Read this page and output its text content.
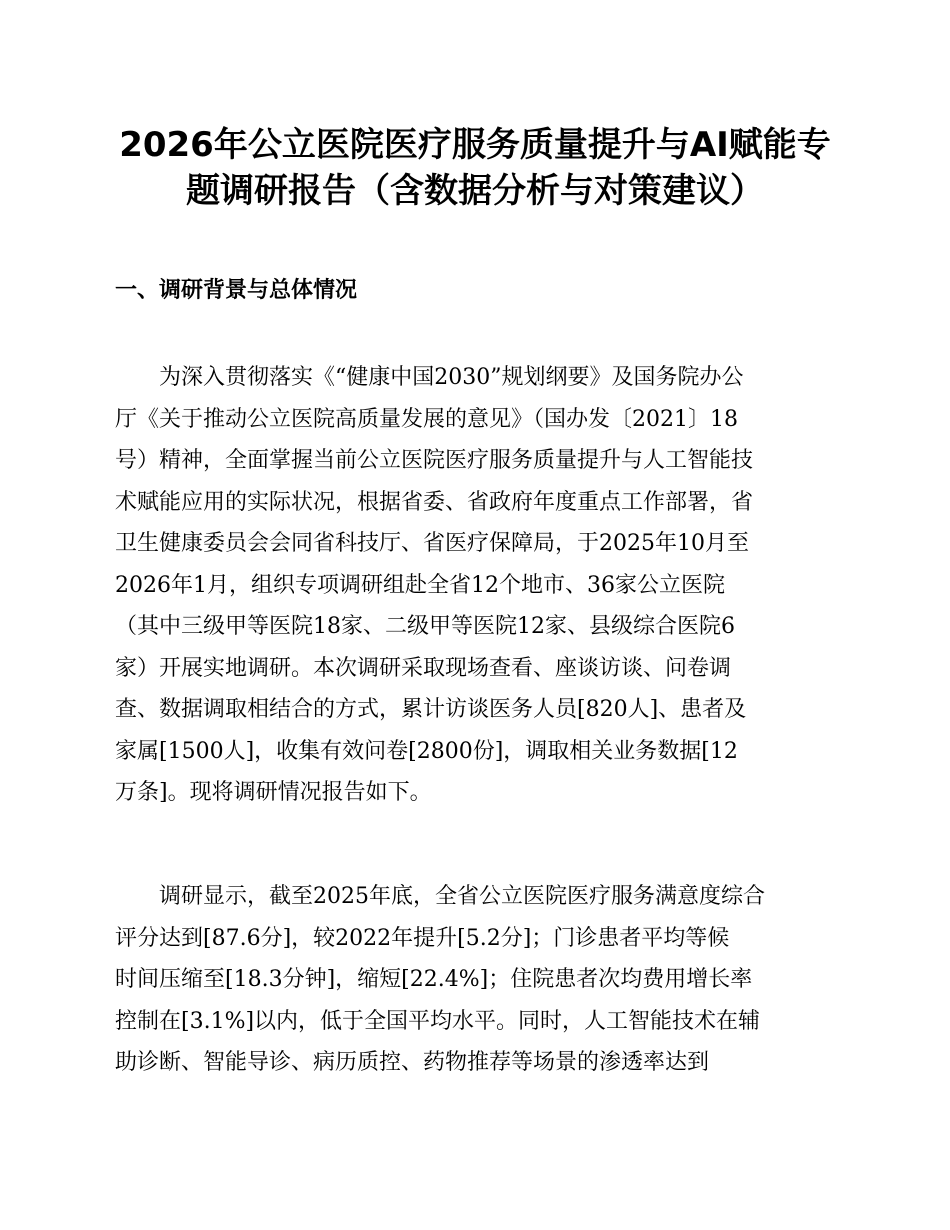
2026年公立医院医疗服务质量提升与AI赋能专
题调研报告（含数据分析与对策建议）
一、调研背景与总体情况

　　为深入贯彻落实《“健康中国2030”规划纲要》及国务院办公
厅《关于推动公立医院高质量发展的意见》（国办发〔2021〕18
号）精神，全面掌握当前公立医院医疗服务质量提升与人工智能技
术赋能应用的实际状况，根据省委、省政府年度重点工作部署，省
卫生健康委员会会同省科技厅、省医疗保障局，于2025年10月至
2026年1月，组织专项调研组赴全省12个地市、36家公立医院
（其中三级甲等医院18家、二级甲等医院12家、县级综合医院6
家）开展实地调研。本次调研采取现场查看、座谈访谈、问卷调
查、数据调取相结合的方式，累计访谈医务人员[820人]、患者及
家属[1500人]，收集有效问卷[2800份]，调取相关业务数据[12
万条]。现将调研情况报告如下。

　　调研显示，截至2025年底，全省公立医院医疗服务满意度综合
评分达到[87.6分]，较2022年提升[5.2分]；门诊患者平均等候
时间压缩至[18.3分钟]，缩短[22.4%]；住院患者次均费用增长率
控制在[3.1%]以内，低于全国平均水平。同时，人工智能技术在辅
助诊断、智能导诊、病历质控、药物推荐等场景的渗透率达到
